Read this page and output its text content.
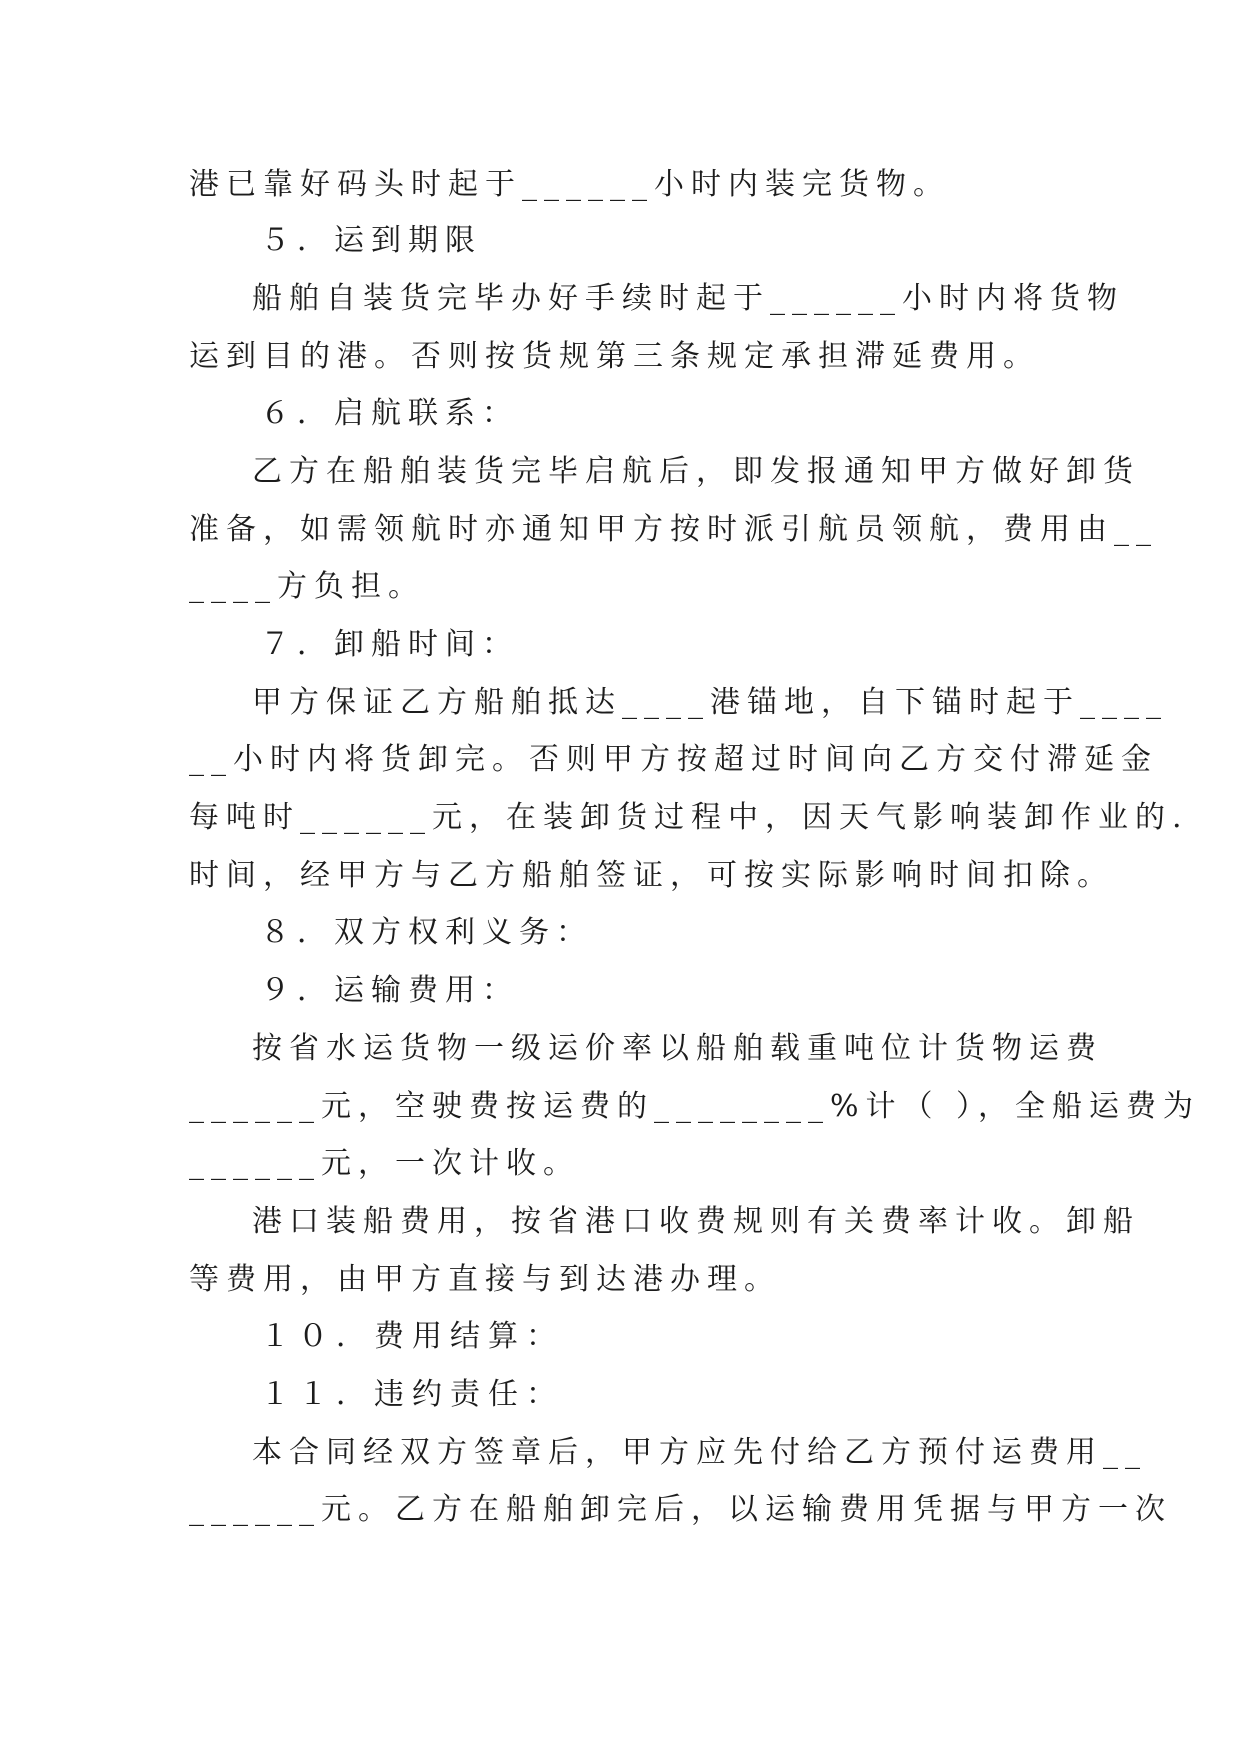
港已靠好码头时起于______小时内装完货物。
５．运到期限
船舶自装货完毕办好手续时起于______小时内将货物
运到目的港。否则按货规第三条规定承担滞延费用。
６．启航联系：
乙方在船舶装货完毕启航后，即发报通知甲方做好卸货
准备，如需领航时亦通知甲方按时派引航员领航，费用由__
____方负担。
７．卸船时间：
甲方保证乙方船舶抵达____港锚地，自下锚时起于____
__小时内将货卸完。否则甲方按超过时间向乙方交付滞延金
每吨时______元，在装卸货过程中，因天气影响装卸作业的.
时间，经甲方与乙方船舶签证，可按实际影响时间扣除。
８．双方权利义务：
９．运输费用：
按省水运货物一级运价率以船舶载重吨位计货物运费
______元，空驶费按运费的________%计（ ），全船运费为
______元，一次计收。
港口装船费用，按省港口收费规则有关费率计收。卸船
等费用，由甲方直接与到达港办理。
１０．费用结算：
１１．违约责任：
本合同经双方签章后，甲方应先付给乙方预付运费用__
______元。乙方在船舶卸完后，以运输费用凭据与甲方一次
